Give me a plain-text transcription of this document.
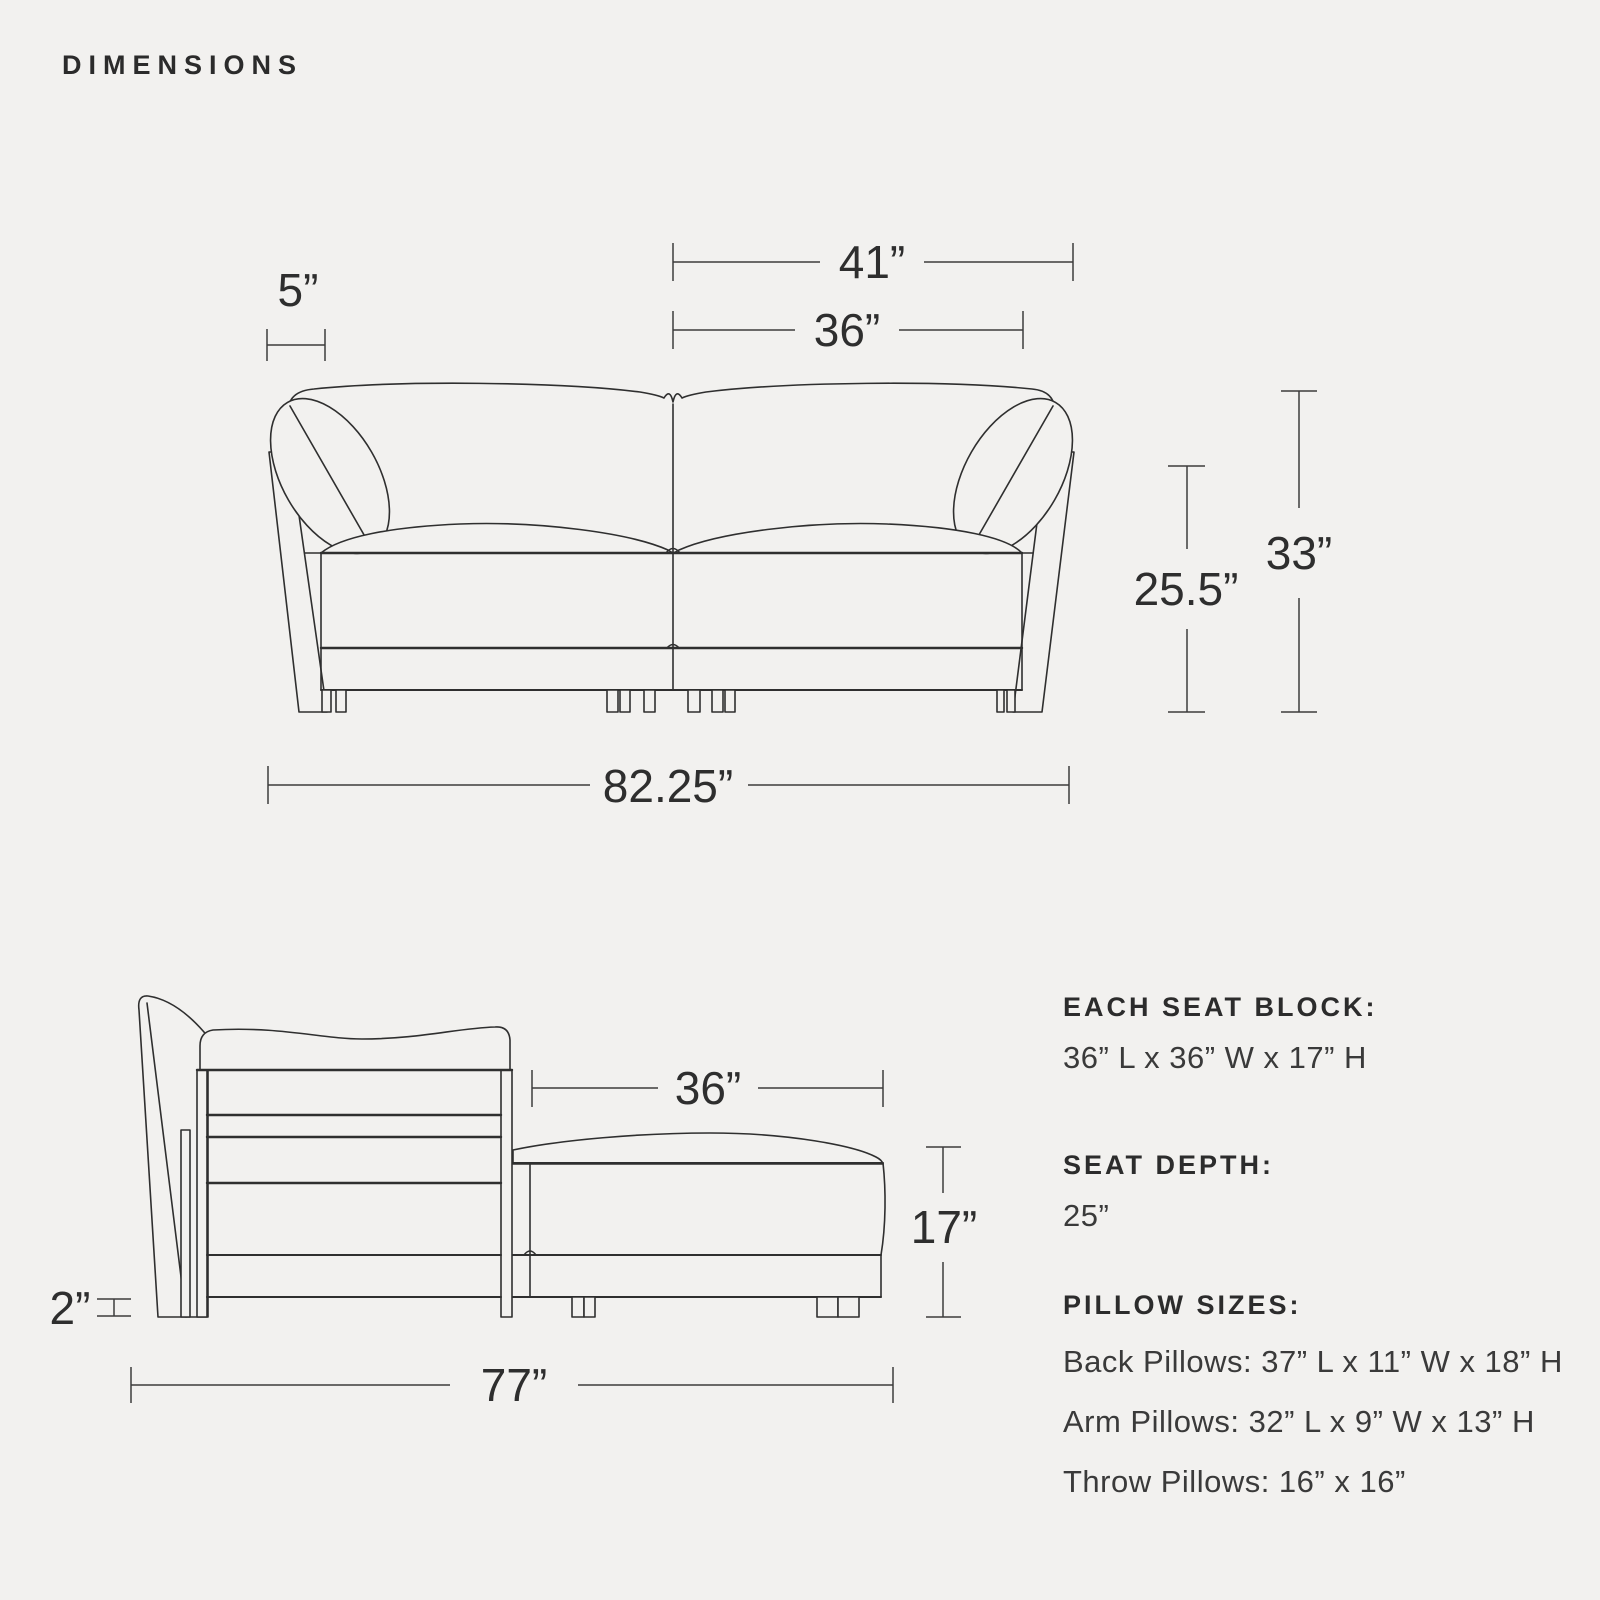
DIMENSIONS
5”
41”
36”
25.5”
33”
82.25”
36”
17”
2”
77”
EACH SEAT BLOCK:
36” L x 36” W x 17” H
SEAT DEPTH:
25”
PILLOW SIZES:
Back Pillows: 37” L x 11” W x 18” H
Arm Pillows: 32” L x 9” W x 13” H
Throw Pillows: 16” x 16”
